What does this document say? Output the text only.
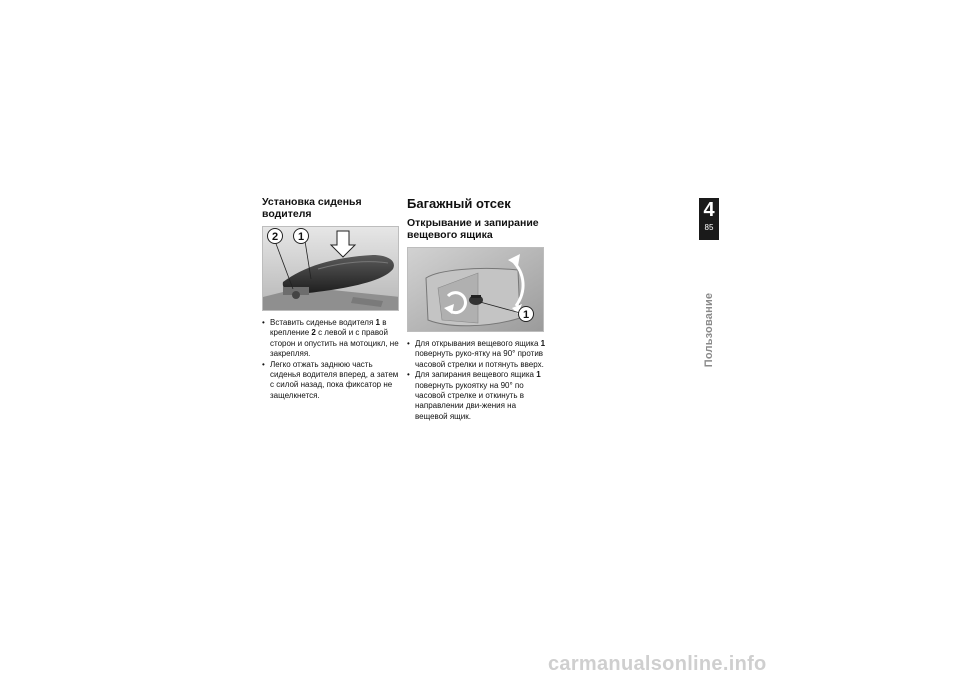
Установка сиденья водителя
2 1
• Вставить сиденье водителя 1 в крепление 2 с левой и с правой сторон и опустить на мотоцикл, не закрепляя.
• Легко отжать заднюю часть сиденья водителя вперед, а затем с силой назад, пока фиксатор не защелкнется.
Багажный отсек
Открывание и запирание вещевого ящика
1
• Для открывания вещевого ящика 1 повернуть руко-ятку на 90° против часовой стрелки и потянуть вверх.
• Для запирания вещевого ящика 1 повернуть рукоятку на 90° по часовой стрелке и откинуть в направлении дви-жения на вещевой ящик.
4
85
Пользование
carmanualsonline.info
